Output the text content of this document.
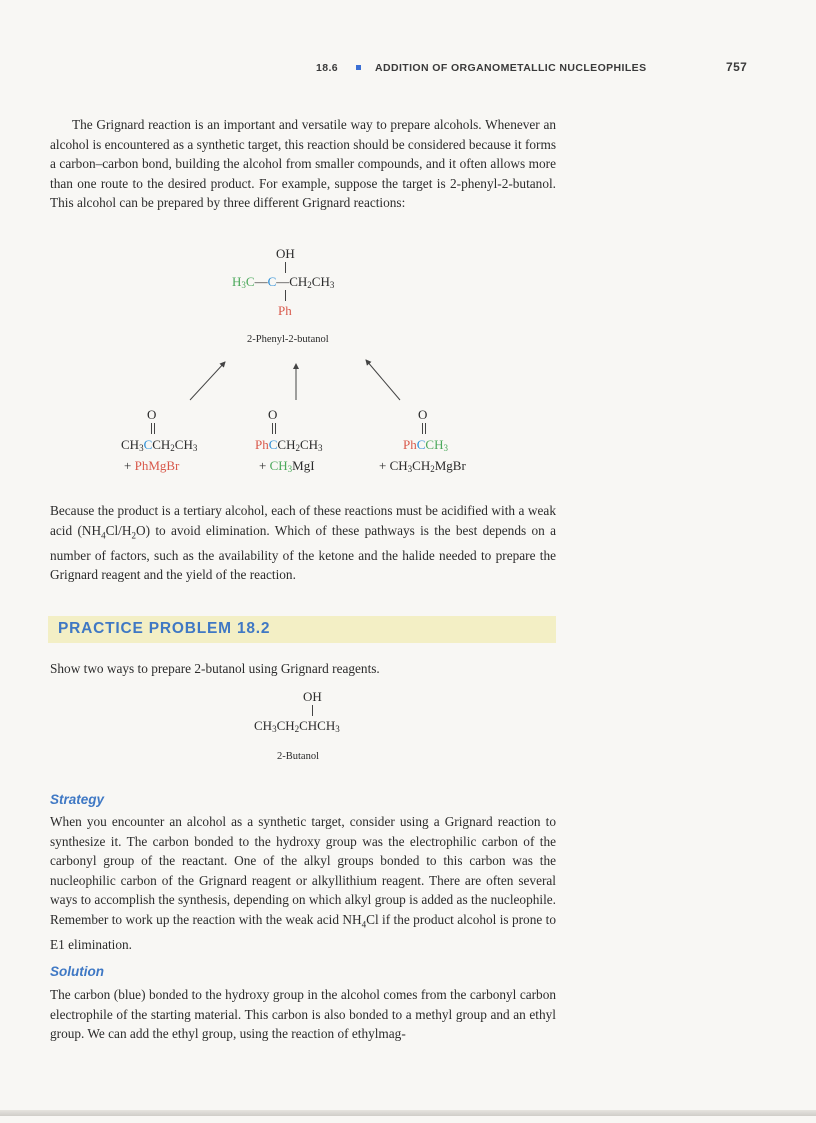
18.6	ADDITION OF ORGANOMETALLIC NUCLEOPHILES	757

The Grignard reaction is an important and versatile way to prepare alcohols. Whenever an alcohol is encountered as a synthetic target, this reaction should be considered because it forms a carbon–carbon bond, building the alcohol from smaller compounds, and it often allows more than one route to the desired product. For example, suppose the target is 2-phenyl-2-butanol. This alcohol can be prepared by three different Grignard reactions:

OH
$H_3C—C—CH_2CH_3$
Ph
2-Phenyl-2-butanol
O
$CH_3CCH_2CH_3$
+ PhMgBr
O
$PhCCH_2CH_3$
+ $CH_3MgI$
O
PhCCH$_3$
+ $CH_3CH_2MgBr$

Because the product is a tertiary alcohol, each of these reactions must be acidified with a weak acid $(NH_4Cl/H_2O)$ to avoid elimination. Which of these pathways is the best depends on a number of factors, such as the availability of the ketone and the halide needed to prepare the Grignard reagent and the yield of the reaction.

PRACTICE PROBLEM 18.2

Show two ways to prepare 2-butanol using Grignard reagents.

OH
$CH_3CH_2CHCH_3$
2-Butanol
Strategy

When you encounter an alcohol as a synthetic target, consider using a Grignard reaction to synthesize it. The carbon bonded to the hydroxy group was the electrophilic carbon of the carbonyl group of the reactant. One of the alkyl groups bonded to this carbon was the nucleophilic carbon of the Grignard reagent or alkyllithium reagent. There are often several ways to accomplish the synthesis, depending on which alkyl group is added as the nucleophile. Remember to work up the reaction with the weak acid $NH_4Cl$ if the product alcohol is prone to E1 elimination.

Solution

The carbon (blue) bonded to the hydroxy group in the alcohol comes from the carbonyl carbon electrophile of the starting material. This carbon is also bonded to a methyl group and an ethyl group. We can add the ethyl group, using the reaction of ethylmag-
